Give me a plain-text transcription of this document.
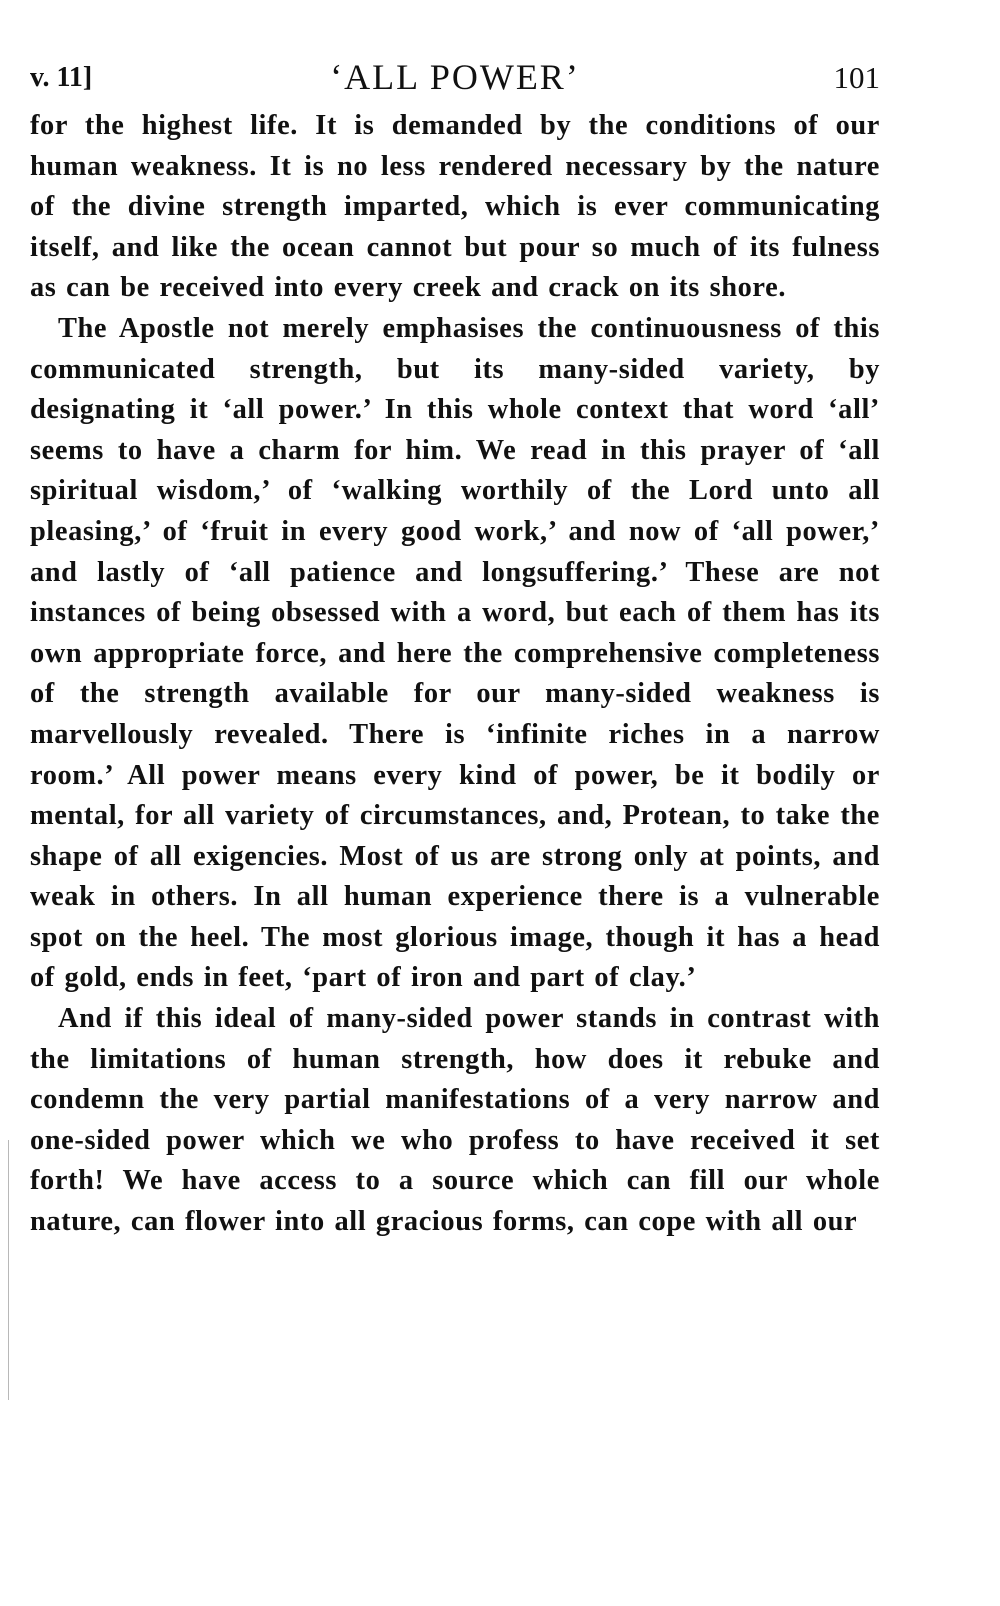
v. 11]	‘ALL POWER’	101

for the highest life. It is demanded by the conditions of our human weakness. It is no less rendered necessary by the nature of the divine strength imparted, which is ever communicating itself, and like the ocean cannot but pour so much of its fulness as can be received into every creek and crack on its shore.

The Apostle not merely emphasises the continuousness of this communicated strength, but its many-sided variety, by designating it ‘all power.’ In this whole context that word ‘all’ seems to have a charm for him. We read in this prayer of ‘all spiritual wisdom,’ of ‘walking worthily of the Lord unto all pleasing,’ of ‘fruit in every good work,’ and now of ‘all power,’ and lastly of ‘all patience and longsuffering.’ These are not instances of being obsessed with a word, but each of them has its own appropriate force, and here the comprehensive completeness of the strength available for our many-sided weakness is marvellously revealed. There is ‘infinite riches in a narrow room.’ All power means every kind of power, be it bodily or mental, for all variety of circumstances, and, Protean, to take the shape of all exigencies. Most of us are strong only at points, and weak in others. In all human experience there is a vulnerable spot on the heel. The most glorious image, though it has a head of gold, ends in feet, ‘part of iron and part of clay.’

And if this ideal of many-sided power stands in contrast with the limitations of human strength, how does it rebuke and condemn the very partial manifestations of a very narrow and one-sided power which we who profess to have received it set forth! We have access to a source which can fill our whole nature, can flower into all gracious forms, can cope with all our
